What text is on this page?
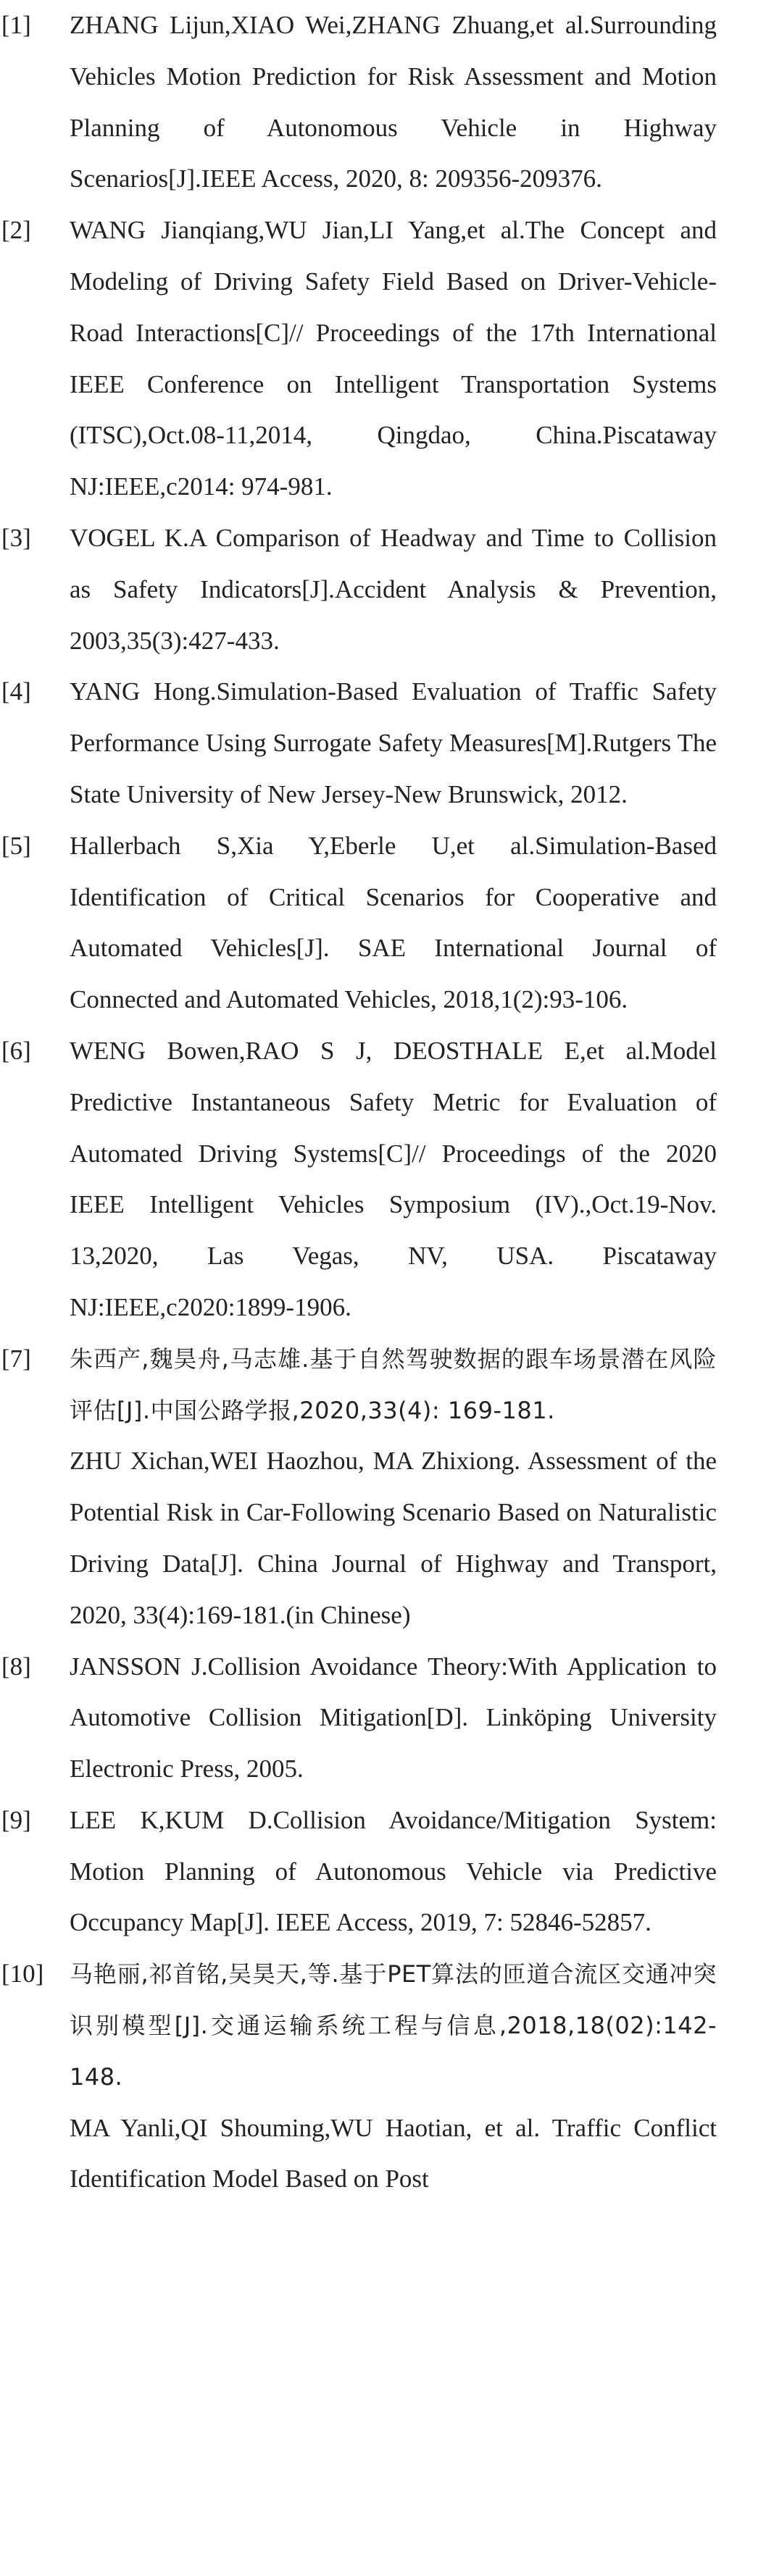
[1]	ZHANG Lijun,XIAO Wei,ZHANG Zhuang,et al.Surrounding Vehicles Motion Prediction for Risk Assessment and Motion Planning of Autonomous Vehicle in Highway Scenarios[J].IEEE Access, 2020, 8: 209356-209376.
[2]	WANG Jianqiang,WU Jian,LI Yang,et al.The Concept and Modeling of Driving Safety Field Based on Driver-Vehicle-Road Interactions[C]// Proceedings of the 17th International IEEE Conference on Intelligent Transportation Systems (ITSC),Oct.08-11,2014, Qingdao, China.Piscataway NJ:IEEE,c2014: 974-981.
[3]	VOGEL K.A Comparison of Headway and Time to Collision as Safety Indicators[J].Accident Analysis & Prevention, 2003,35(3):427-433.
[4]	YANG Hong.Simulation-Based Evaluation of Traffic Safety Performance Using Surrogate Safety Measures[M].Rutgers The State University of New Jersey-New Brunswick, 2012.
[5]	Hallerbach S,Xia Y,Eberle U,et al.Simulation-Based Identification of Critical Scenarios for Cooperative and Automated Vehicles[J]. SAE International Journal of Connected and Automated Vehicles, 2018,1(2):93-106.
[6]	WENG Bowen,RAO S J, DEOSTHALE E,et al.Model Predictive Instantaneous Safety Metric for Evaluation of Automated Driving Systems[C]// Proceedings of the 2020 IEEE Intelligent Vehicles Symposium (IV).,Oct.19-Nov. 13,2020, Las Vegas, NV, USA. Piscataway NJ:IEEE,c2020:1899-1906.
[7]	朱西产,魏昊舟,马志雄.基于自然驾驶数据的跟车场景潜在风险评估[J].中国公路学报,2020,33(4): 169-181.
ZHU Xichan,WEI Haozhou, MA Zhixiong. Assessment of the Potential Risk in Car-Following Scenario Based on Naturalistic Driving Data[J]. China Journal of Highway and Transport, 2020, 33(4):169-181.(in Chinese)
[8]	JANSSON J.Collision Avoidance Theory:With Application to Automotive Collision Mitigation[D]. Linköping University Electronic Press, 2005.
[9]	LEE K,KUM D.Collision Avoidance/Mitigation System: Motion Planning of Autonomous Vehicle via Predictive Occupancy Map[J]. IEEE Access, 2019, 7: 52846-52857.
[10]	马艳丽,祁首铭,吴昊天,等.基于PET算法的匝道合流区交通冲突识别模型[J].交通运输系统工程与信息,2018,18(02):142-148.
MA Yanli,QI Shouming,WU Haotian, et al. Traffic Conflict Identification Model Based on Post
